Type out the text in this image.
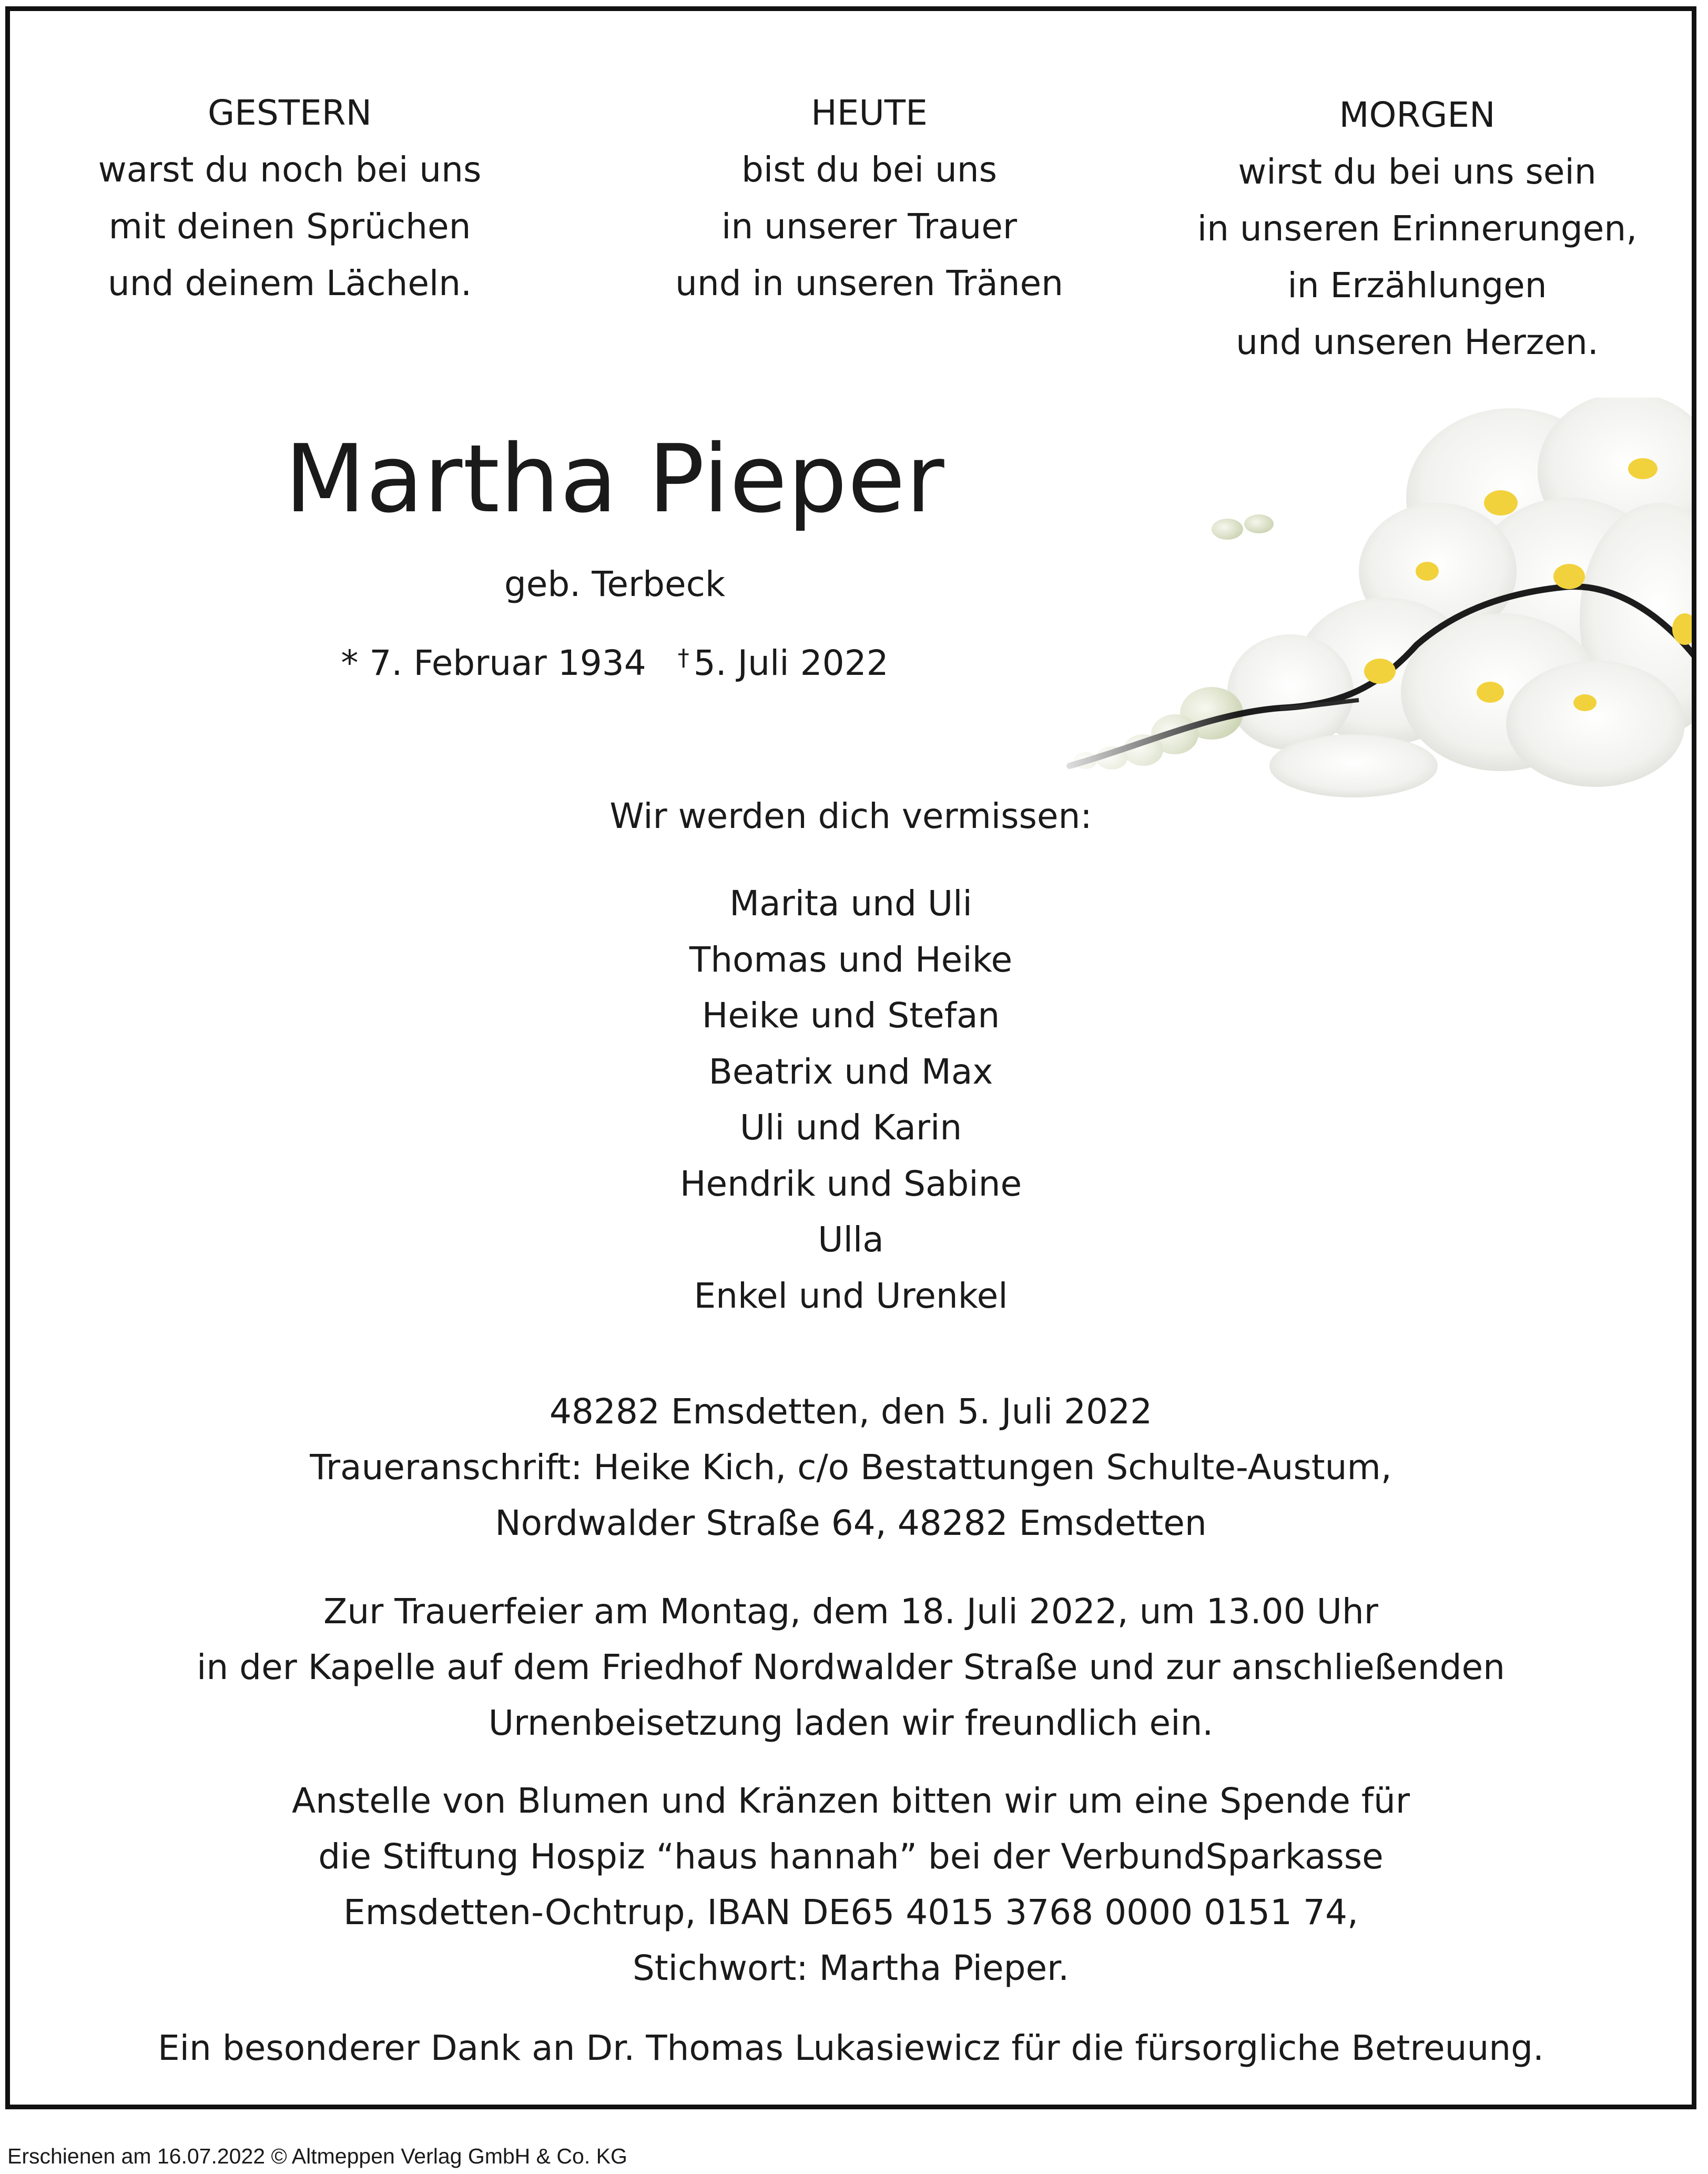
GESTERN
warst du noch bei uns
mit deinen Sprüchen
und deinem Lächeln.
HEUTE
bist du bei uns
in unserer Trauer
und in unseren Tränen
MORGEN
wirst du bei uns sein
in unseren Erinnerungen,
in Erzählungen
und unseren Herzen.
Martha Pieper
geb. Terbeck
* 7. Februar 1934 † 5. Juli 2022
Wir werden dich vermissen:
Marita und Uli
Thomas und Heike
Heike und Stefan
Beatrix und Max
Uli und Karin
Hendrik und Sabine
Ulla
Enkel und Urenkel
48282 Emsdetten, den 5. Juli 2022
Traueranschrift: Heike Kich, c/o Bestattungen Schulte-Austum,
Nordwalder Straße 64, 48282 Emsdetten
Zur Trauerfeier am Montag, dem 18. Juli 2022, um 13.00 Uhr
in der Kapelle auf dem Friedhof Nordwalder Straße und zur anschließenden
Urnenbeisetzung laden wir freundlich ein.
Anstelle von Blumen und Kränzen bitten wir um eine Spende für
die Stiftung Hospiz “haus hannah” bei der VerbundSparkasse
Emsdetten-Ochtrup, IBAN DE65 4015 3768 0000 0151 74,
Stichwort: Martha Pieper.
Ein besonderer Dank an Dr. Thomas Lukasiewicz für die fürsorgliche Betreuung.
Erschienen am 16.07.2022 © Altmeppen Verlag GmbH & Co. KG
